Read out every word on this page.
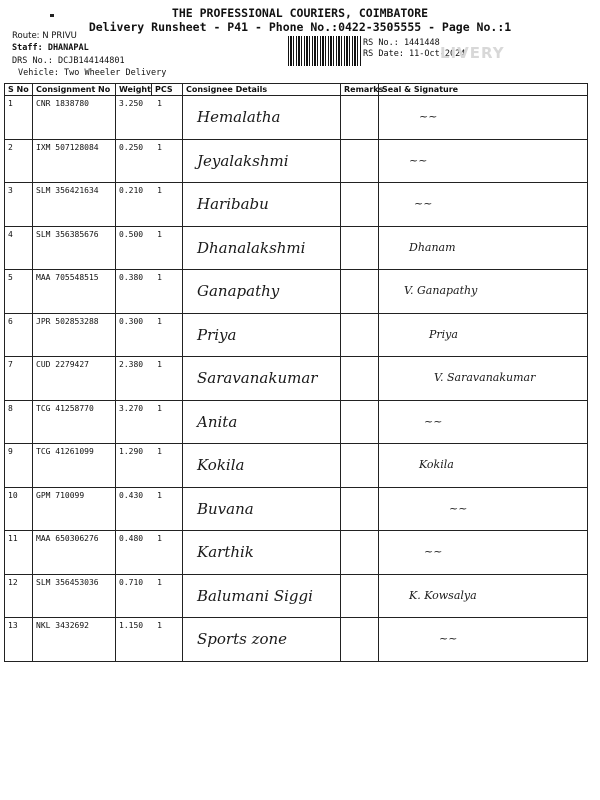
THE PROFESSIONAL COURIERS, COIMBATORE
Delivery Runsheet - P41 - Phone No.:0422-3505555 - Page No.:1
Route: N PRIVU
Staff: DHANAPAL
DRS No.: DCJB144144801
Vehicle: Two Wheeler Delivery
RS No.: 1441448
RS Date: 11-Oct-2024
LIVERY
S No	Consignment No	Weight	PCS	Consignee Details	Remarks	Seal & Signature
1	CNR 1838780	3.250 1		Hemalatha		~~

2	IXM 507128084	0.250 1		Jeyalakshmi		~~

3	SLM 356421634	0.210 1		Haribabu		~~

4	SLM 356385676	0.500 1		Dhanalakshmi		Dhanam

5	MAA 705548515	0.380 1		Ganapathy		V. Ganapathy

6	JPR 502853288	0.300 1		Priya		Priya

7	CUD 2279427	2.380 1		Saravanakumar		V. Saravanakumar

8	TCG 41258770	3.270 1		Anita		~~

9	TCG 41261099	1.290 1		Kokila		Kokila

10	GPM 710099	0.430 1		Buvana		~~

11	MAA 650306276	0.480 1		Karthik		~~

12	SLM 356453036	0.710 1		Balumani Siggi		K. Kowsalya

13	NKL 3432692	1.150 1		Sports zone		~~
